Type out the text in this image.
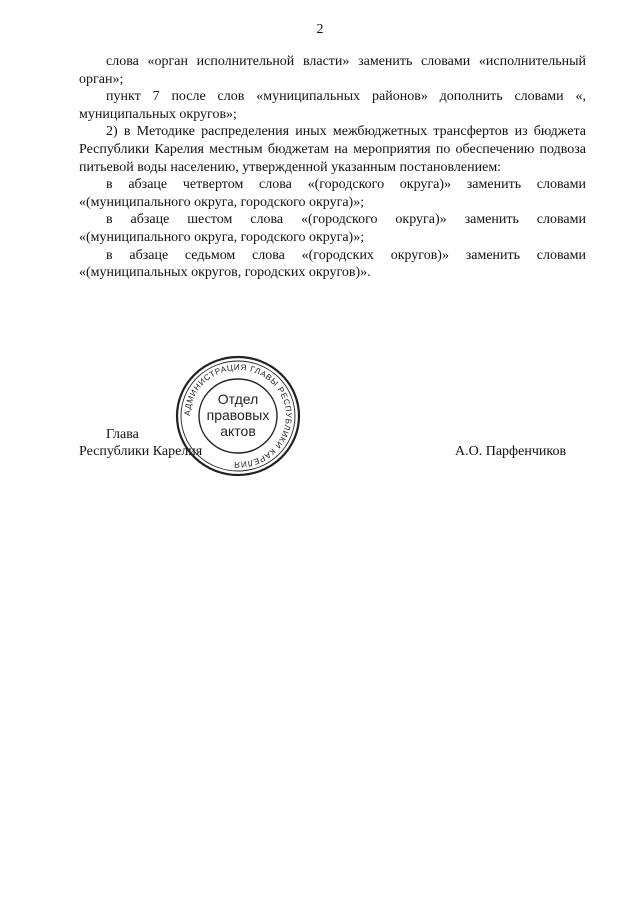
2

слова «орган исполнительной власти» заменить словами «исполнительный орган»;

пункт 7 после слов «муниципальных районов» дополнить словами «, муниципальных округов»;

2) в Методике распределения иных межбюджетных трансфертов из бюджета Республики Карелия местным бюджетам на мероприятия по обеспечению подвоза питьевой воды населению, утвержденной указанным постановлением:

в абзаце четвертом слова «(городского округа)» заменить словами «(муниципального округа, городского округа)»;

в абзаце шестом слова «(городского округа)» заменить словами «(муниципального округа, городского округа)»;

в абзаце седьмом слова «(городских округов)» заменить словами «(муниципальных округов, городских округов)».

Глава
Республики Карелия	А.О. Парфенчиков
АДМИНИСТРАЦИЯ ГЛАВЫ РЕСПУБЛИКИ КАРЕЛИЯ
Отдел
правовых
актов
